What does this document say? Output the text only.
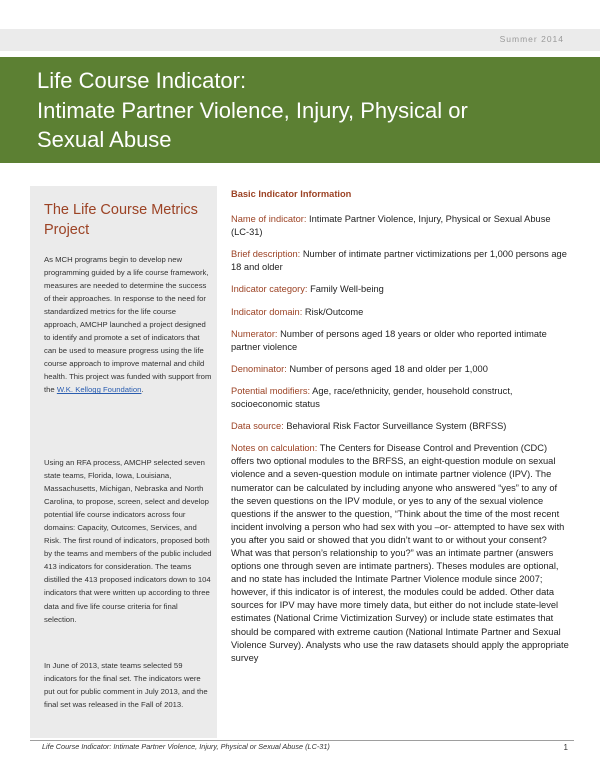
Summer 2014
Life Course Indicator:
Intimate Partner Violence, Injury, Physical or
Sexual Abuse
The Life Course Metrics Project
As MCH programs begin to develop new programming guided by a life course framework, measures are needed to determine the success of their approaches. In response to the need for standardized metrics for the life course approach, AMCHP launched a project designed to identify and promote a set of indicators that can be used to measure progress using the life course approach to improve maternal and child health. This project was funded with support from the W.K. Kellogg Foundation.
Using an RFA process, AMCHP selected seven state teams, Florida, Iowa, Louisiana, Massachusetts, Michigan, Nebraska and North Carolina, to propose, screen, select and develop potential life course indicators across four domains: Capacity, Outcomes, Services, and Risk. The first round of indicators, proposed both by the teams and members of the public included 413 indicators for consideration. The teams distilled the 413 proposed indicators down to 104 indicators that were written up according to three data and five life course criteria for final selection.
In June of 2013, state teams selected 59 indicators for the final set. The indicators were put out for public comment in July 2013, and the final set was released in the Fall of 2013.
Basic Indicator Information
Name of indicator: Intimate Partner Violence, Injury, Physical or Sexual Abuse (LC-31)
Brief description: Number of intimate partner victimizations per 1,000 persons age 18 and older
Indicator category: Family Well-being
Indicator domain: Risk/Outcome
Numerator: Number of persons aged 18 years or older who reported intimate partner violence
Denominator: Number of persons aged 18 and older per 1,000
Potential modifiers: Age, race/ethnicity, gender, household construct, socioeconomic status
Data source: Behavioral Risk Factor Surveillance System (BRFSS)
Notes on calculation: The Centers for Disease Control and Prevention (CDC) offers two optional modules to the BRFSS, an eight-question module on sexual violence and a seven-question module on intimate partner violence (IPV). The numerator can be calculated by including anyone who answered “yes” to any of the seven questions on the IPV module, or yes to any of the sexual violence questions if the answer to the question, “Think about the time of the most recent incident involving a person who had sex with you –or- attempted to have sex with you after you said or showed that you didn’t want to or without your consent? What was that person’s relationship to you?” was an intimate partner (answers options one through seven are intimate partners). Theses modules are optional, and no state has included the Intimate Partner Violence module since 2007; however, if this indicator is of interest, the modules could be added. Other data sources for IPV may have more timely data, but either do not include state-level estimates (National Crime Victimization Survey) or include state estimates that should be compared with extreme caution (National Intimate Partner and Sexual Violence Survey). Analysts who use the raw datasets should apply the appropriate survey
Life Course Indicator: Intimate Partner Violence, Injury, Physical or Sexual Abuse (LC-31)	1
